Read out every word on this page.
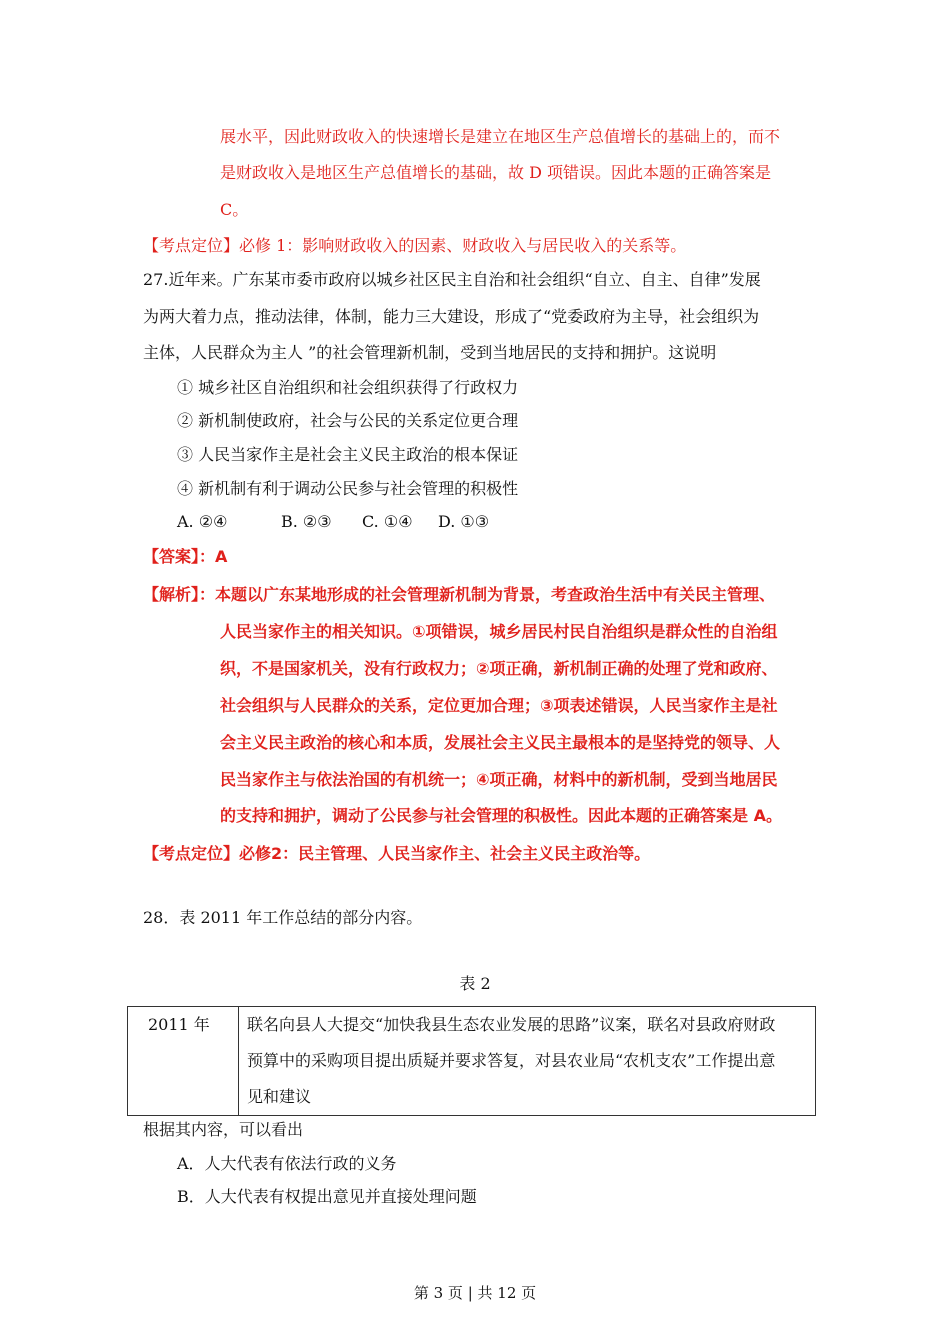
展水平，因此财政收入的快速增长是建立在地区生产总值增长的基础上的，而不
是财政收入是地区生产总值增长的基础，故 D 项错误。因此本题的正确答案是
C。
【考点定位】必修 1：影响财政收入的因素、财政收入与居民收入的关系等。
27.近年来。广东某市委市政府以城乡社区民主自治和社会组织“自立、自主、自律”发展
为两大着力点，推动法律，体制，能力三大建设，形成了“党委政府为主导，社会组织为
主体，人民群众为主人 ”的社会管理新机制，受到当地居民的支持和拥护。这说明
① 城乡社区自治组织和社会组织获得了行政权力
② 新机制使政府，社会与公民的关系定位更合理
③ 人民当家作主是社会主义民主政治的根本保证
④ 新机制有利于调动公民参与社会管理的积极性
A. ②④	B. ②③ C. ①④ D. ①③
【答案】：A
【解析】：本题以广东某地形成的社会管理新机制为背景，考查政治生活中有关民主管理、
人民当家作主的相关知识。①项错误，城乡居民村民自治组织是群众性的自治组
织，不是国家机关，没有行政权力；②项正确，新机制正确的处理了党和政府、
社会组织与人民群众的关系，定位更加合理；③项表述错误，人民当家作主是社
会主义民主政治的核心和本质，发展社会主义民主最根本的是坚持党的领导、人
民当家作主与依法治国的有机统一；④项正确，材料中的新机制，受到当地居民
的支持和拥护，调动了公民参与社会管理的积极性。因此本题的正确答案是 A。
【考点定位】必修2：民主管理、人民当家作主、社会主义民主政治等。
28．表 2011 年工作总结的部分内容。
表 2
2011 年	联名向县人大提交“加快我县生态农业发展的思路”议案，联名对县政府财政
预算中的采购项目提出质疑并要求答复，对县农业局“农机支农”工作提出意
见和建议
根据其内容，可以看出
A．人大代表有依法行政的义务
B．人大代表有权提出意见并直接处理问题
第 3 页 | 共 12 页
